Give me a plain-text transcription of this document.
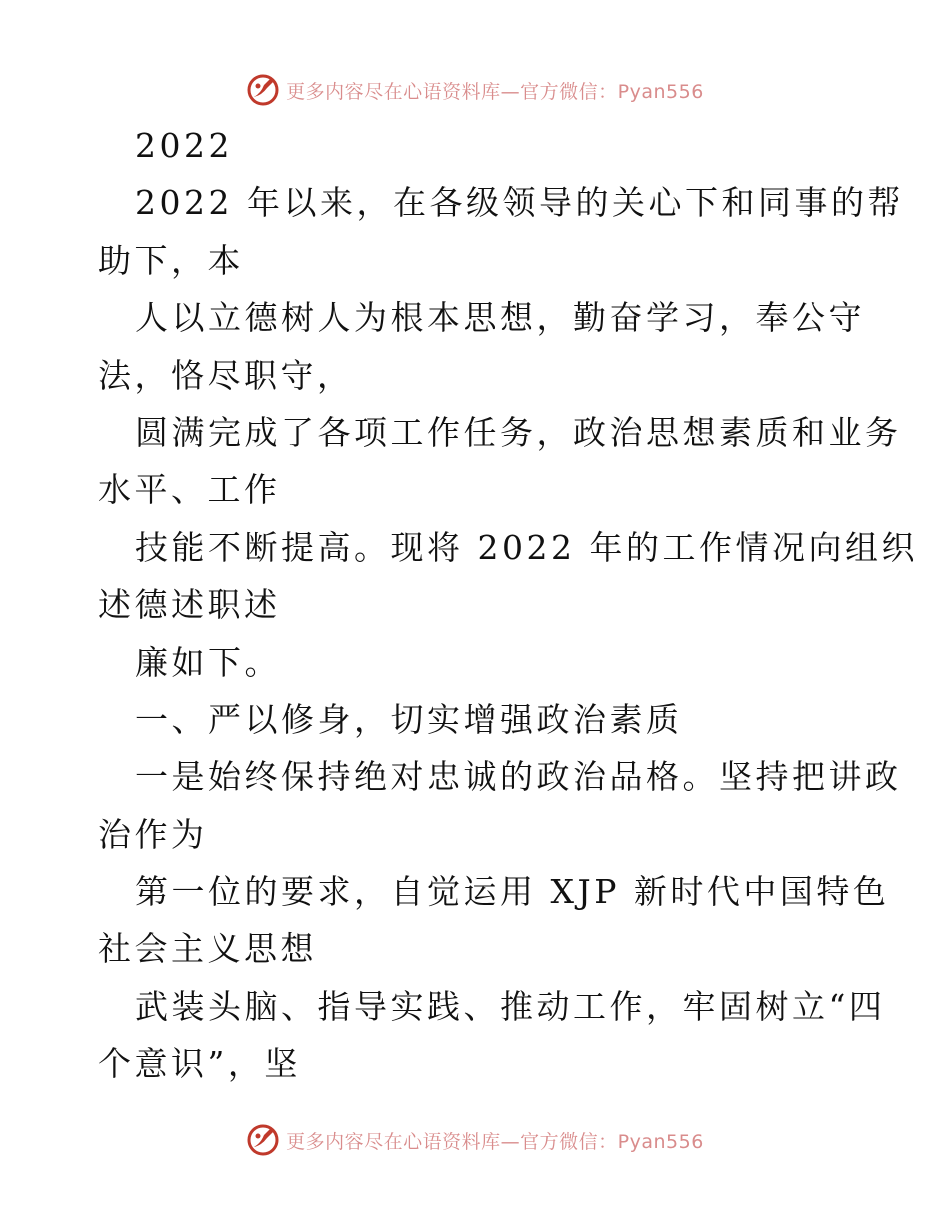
更多内容尽在心语资料库—官方微信：Pyan556
2022
2022 年以来，在各级领导的关心下和同事的帮
助下，本
人以立德树人为根本思想，勤奋学习，奉公守
法，恪尽职守，
圆满完成了各项工作任务，政治思想素质和业务
水平、工作
技能不断提高。现将 2022 年的工作情况向组织
述德述职述
廉如下。
一、严以修身，切实增强政治素质
一是始终保持绝对忠诚的政治品格。坚持把讲政
治作为
第一位的要求，自觉运用 XJP 新时代中国特色
社会主义思想
武装头脑、指导实践、推动工作，牢固树立“四
个意识”，坚
更多内容尽在心语资料库—官方微信：Pyan556
